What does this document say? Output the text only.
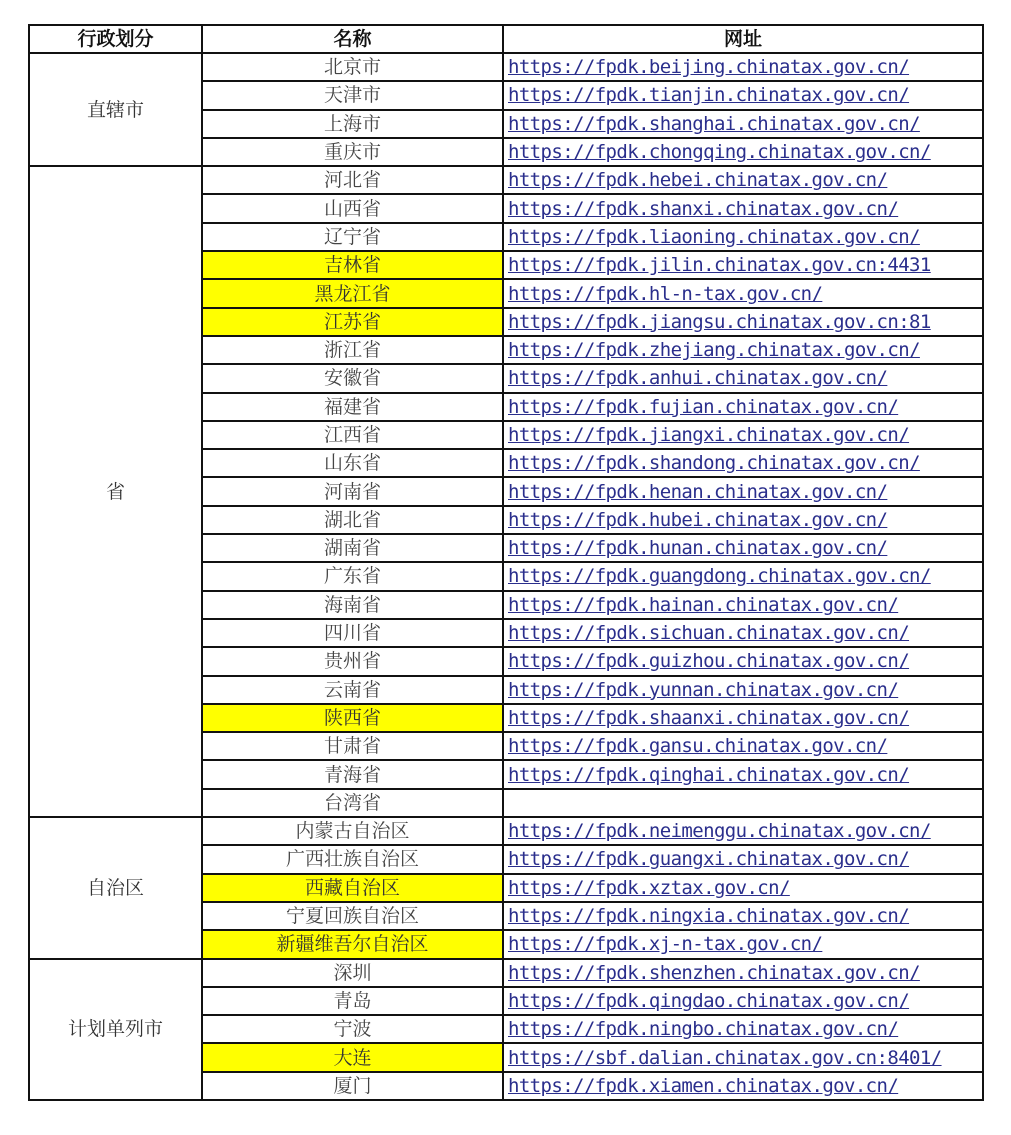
行政划分	名称	网址
直辖市	北京市	https://fpdk.beijing.chinatax.gov.cn/
	天津市	https://fpdk.tianjin.chinatax.gov.cn/
	上海市	https://fpdk.shanghai.chinatax.gov.cn/
	重庆市	https://fpdk.chongqing.chinatax.gov.cn/
省	河北省	https://fpdk.hebei.chinatax.gov.cn/
	山西省	https://fpdk.shanxi.chinatax.gov.cn/
	辽宁省	https://fpdk.liaoning.chinatax.gov.cn/
	吉林省	https://fpdk.jilin.chinatax.gov.cn:4431
	黑龙江省	https://fpdk.hl-n-tax.gov.cn/
	江苏省	https://fpdk.jiangsu.chinatax.gov.cn:81
	浙江省	https://fpdk.zhejiang.chinatax.gov.cn/
	安徽省	https://fpdk.anhui.chinatax.gov.cn/
	福建省	https://fpdk.fujian.chinatax.gov.cn/
	江西省	https://fpdk.jiangxi.chinatax.gov.cn/
	山东省	https://fpdk.shandong.chinatax.gov.cn/
	河南省	https://fpdk.henan.chinatax.gov.cn/
	湖北省	https://fpdk.hubei.chinatax.gov.cn/
	湖南省	https://fpdk.hunan.chinatax.gov.cn/
	广东省	https://fpdk.guangdong.chinatax.gov.cn/
	海南省	https://fpdk.hainan.chinatax.gov.cn/
	四川省	https://fpdk.sichuan.chinatax.gov.cn/
	贵州省	https://fpdk.guizhou.chinatax.gov.cn/
	云南省	https://fpdk.yunnan.chinatax.gov.cn/
	陕西省	https://fpdk.shaanxi.chinatax.gov.cn/
	甘肃省	https://fpdk.gansu.chinatax.gov.cn/
	青海省	https://fpdk.qinghai.chinatax.gov.cn/
	台湾省	
自治区	内蒙古自治区	https://fpdk.neimenggu.chinatax.gov.cn/
	广西壮族自治区	https://fpdk.guangxi.chinatax.gov.cn/
	西藏自治区	https://fpdk.xztax.gov.cn/
	宁夏回族自治区	https://fpdk.ningxia.chinatax.gov.cn/
	新疆维吾尔自治区	https://fpdk.xj-n-tax.gov.cn/
计划单列市	深圳	https://fpdk.shenzhen.chinatax.gov.cn/
	青岛	https://fpdk.qingdao.chinatax.gov.cn/
	宁波	https://fpdk.ningbo.chinatax.gov.cn/
	大连	https://sbf.dalian.chinatax.gov.cn:8401/
	厦门	https://fpdk.xiamen.chinatax.gov.cn/
